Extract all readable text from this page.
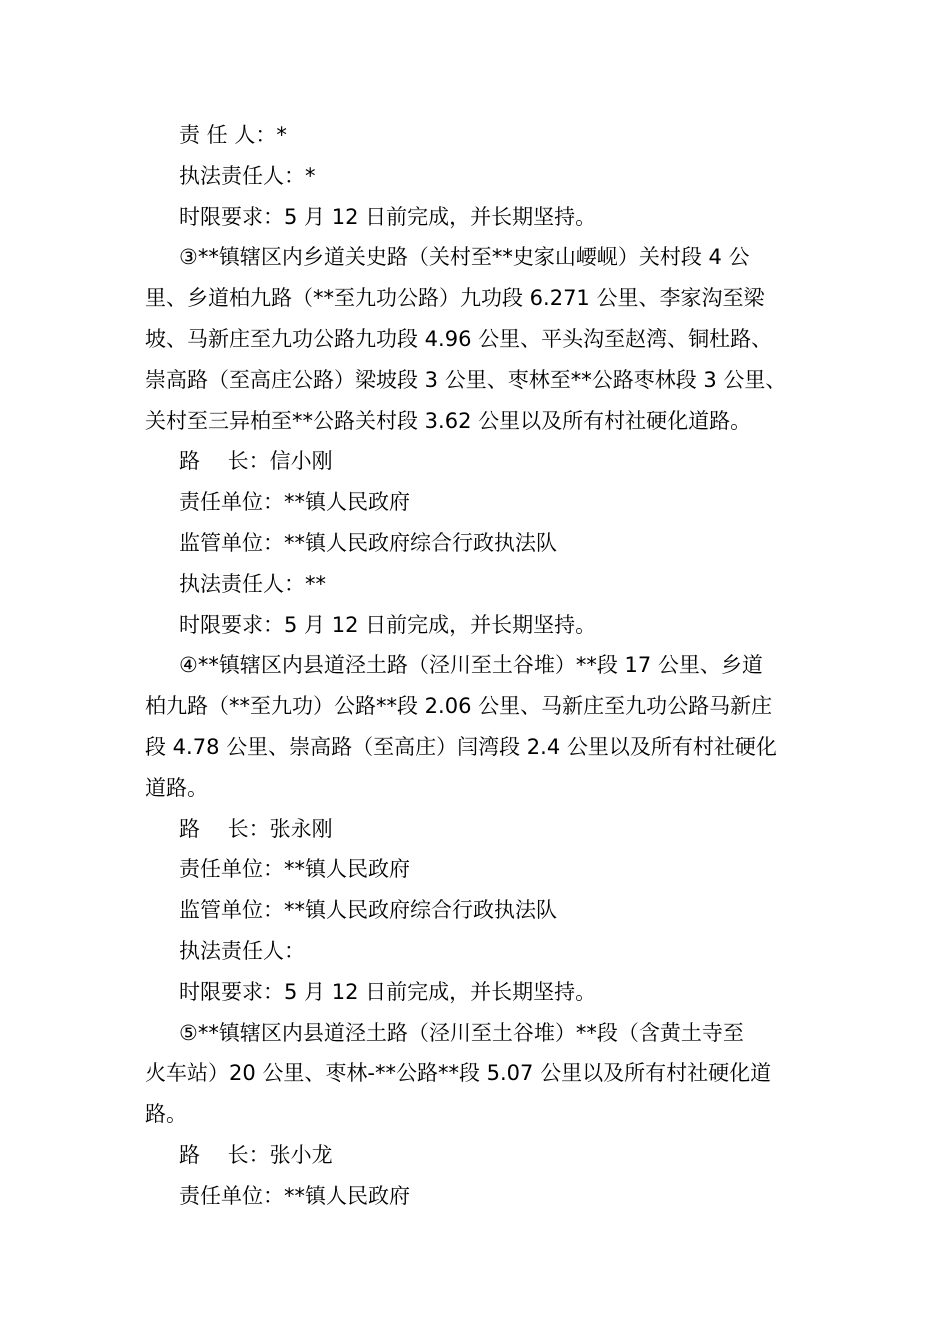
责 任 人：*

执法责任人：*

时限要求：5 月 12 日前完成，并长期坚持。

③**镇辖区内乡道关史路（关村至**史家山崾岘）关村段 4 公

里、乡道柏九路（**至九功公路）九功段 6.271 公里、李家沟至梁

坡、马新庄至九功公路九功段 4.96 公里、平头沟至赵湾、铜杜路、

崇高路（至高庄公路）梁坡段 3 公里、枣林至**公路枣林段 3 公里、

关村至三异柏至**公路关村段 3.62 公里以及所有村社硬化道路。

路　 长：信小刚

责任单位：**镇人民政府

监管单位：**镇人民政府综合行政执法队

执法责任人：**

时限要求：5 月 12 日前完成，并长期坚持。

④**镇辖区内县道泾土路（泾川至土谷堆）**段 17 公里、乡道

柏九路（**至九功）公路**段 2.06 公里、马新庄至九功公路马新庄

段 4.78 公里、崇高路（至高庄）闫湾段 2.4 公里以及所有村社硬化

道路。

路　 长：张永刚

责任单位：**镇人民政府

监管单位：**镇人民政府综合行政执法队

执法责任人：

时限要求：5 月 12 日前完成，并长期坚持。

⑤**镇辖区内县道泾土路（泾川至土谷堆）**段（含黄土寺至

火车站）20 公里、枣林-**公路**段 5.07 公里以及所有村社硬化道

路。

路　 长：张小龙

责任单位：**镇人民政府
